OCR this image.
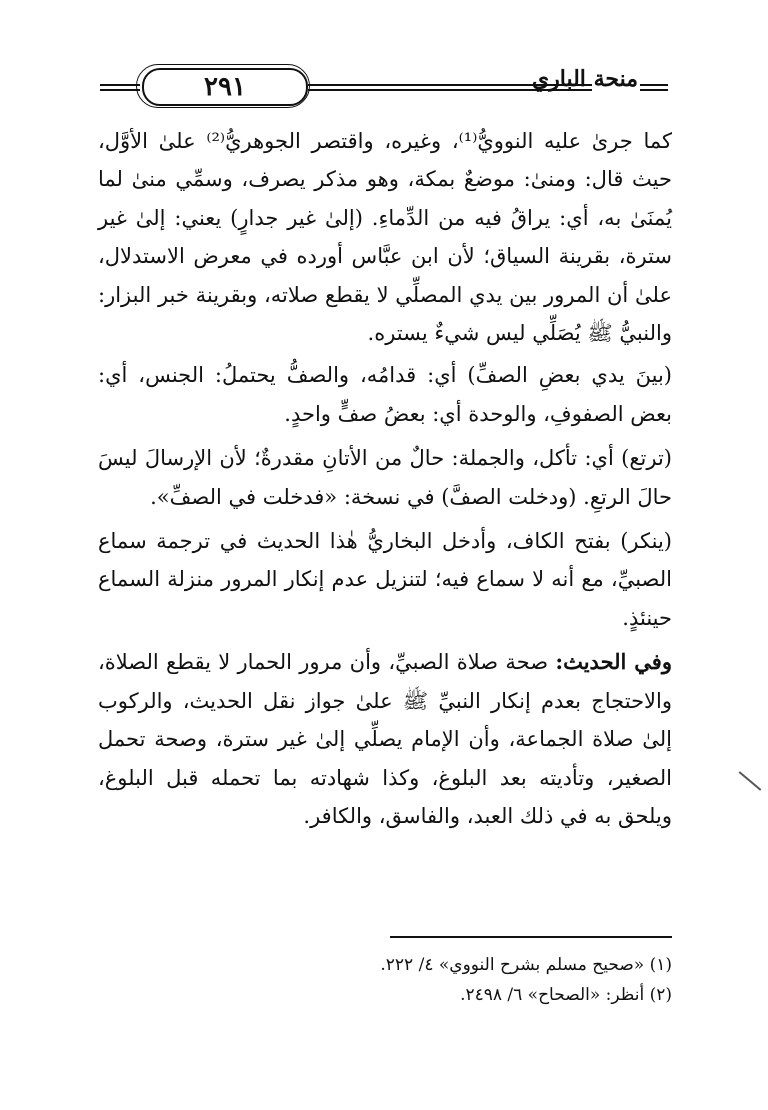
٢٩١	منحة الباري

كما جرىٰ عليه النوويُّ⁽¹⁾، وغيره، واقتصر الجوهريُّ⁽²⁾ علىٰ الأوَّل، حيث قال: ومنىٰ: موضعٌ بمكة، وهو مذكر يصرف، وسمِّي منىٰ لما يُمنَىٰ به، أي: يراقُ فيه من الدِّماءِ. (إلىٰ غير جدارٍ) يعني: إلىٰ غير سترة، بقرينة السياق؛ لأن ابن عبَّاس أورده في معرض الاستدلال، علىٰ أن المرور بين يدي المصلِّي لا يقطع صلاته، وبقرينة خبر البزار: والنبيُّ ﷺ يُصَلِّي ليس شيءٌ يستره.

(بينَ يدي بعضِ الصفِّ) أي: قدامُه، والصفُّ يحتملُ: الجنس، أي: بعض الصفوفِ، والوحدة أي: بعضُ صفٍّ واحدٍ.

(ترتع) أي: تأكل، والجملة: حالٌ من الأتانِ مقدرةٌ؛ لأن الإرسالَ ليسَ حالَ الرتعِ. (ودخلت الصفَّ) في نسخة: «فدخلت في الصفِّ».

(ينكر) بفتح الكاف، وأدخل البخاريُّ هٰذا الحديث في ترجمة سماع الصبيِّ، مع أنه لا سماع فيه؛ لتنزيل عدم إنكار المرور منزلة السماع حينئذٍ.

وفي الحديث: صحة صلاة الصبيِّ، وأن مرور الحمار لا يقطع الصلاة، والاحتجاج بعدم إنكار النبيِّ ﷺ علىٰ جواز نقل الحديث، والركوب إلىٰ صلاة الجماعة، وأن الإمام يصلِّي إلىٰ غير سترة، وصحة تحمل الصغير، وتأديته بعد البلوغ، وكذا شهادته بما تحمله قبل البلوغ، ويلحق به في ذلك العبد، والفاسق، والكافر.

(١) «صحيح مسلم بشرح النووي» ٤/ ٢٢٢.
(٢) أنظر: «الصحاح» ٦/ ٢٤٩٨.
